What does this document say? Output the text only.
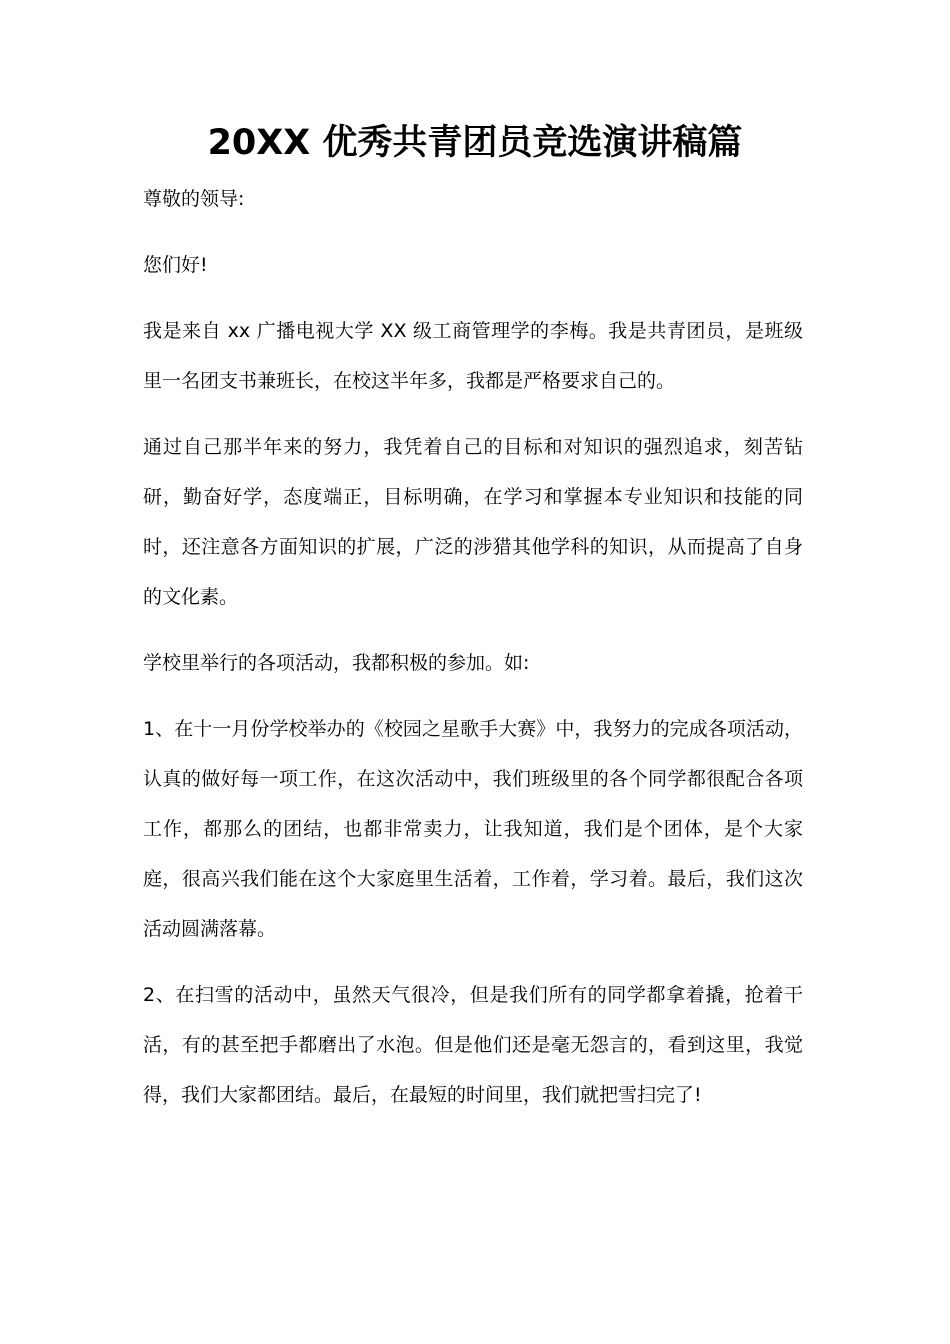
20XX 优秀共青团员竞选演讲稿篇

尊敬的领导:

您们好!

我是来自 xx 广播电视大学 XX 级工商管理学的李梅。我是共青团员，是班级里一名团支书兼班长，在校这半年多，我都是严格要求自己的。

通过自己那半年来的努力，我凭着自己的目标和对知识的强烈追求，刻苦钻研，勤奋好学，态度端正，目标明确，在学习和掌握本专业知识和技能的同时，还注意各方面知识的扩展，广泛的涉猎其他学科的知识，从而提高了自身的文化素。

学校里举行的各项活动，我都积极的参加。如:

1、在十一月份学校举办的《校园之星歌手大赛》中，我努力的完成各项活动，认真的做好每一项工作，在这次活动中，我们班级里的各个同学都很配合各项工作，都那么的团结，也都非常卖力，让我知道，我们是个团体，是个大家庭，很高兴我们能在这个大家庭里生活着，工作着，学习着。最后，我们这次活动圆满落幕。

2、在扫雪的活动中，虽然天气很冷，但是我们所有的同学都拿着撬，抢着干活，有的甚至把手都磨出了水泡。但是他们还是毫无怨言的，看到这里，我觉得，我们大家都团结。最后，在最短的时间里，我们就把雪扫完了!
